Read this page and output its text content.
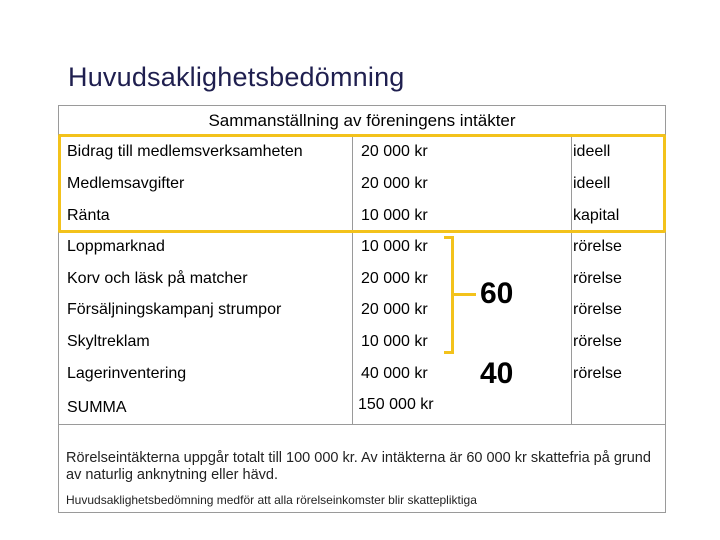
Huvudsaklighetsbedömning
Sammanställning av föreningens intäkter
Bidrag till medlemsverksamheten	20 000 kr	ideell
Medlemsavgifter	20 000 kr	ideell
Ränta	10 000 kr	kapital
Loppmarknad	10 000 kr	rörelse
Korv och läsk på matcher	20 000 kr	rörelse
Försäljningskampanj strumpor	20 000 kr	rörelse
Skyltreklam	10 000 kr	rörelse
Lagerinventering	40 000 kr	rörelse
SUMMA	150 000 kr
60
40
Rörelseintäkterna uppgår totalt till 100 000 kr. Av intäkterna är 60 000 kr skattefria på grund av naturlig anknytning eller hävd.
Huvudsaklighetsbedömning medför att alla rörelseinkomster blir skattepliktiga
